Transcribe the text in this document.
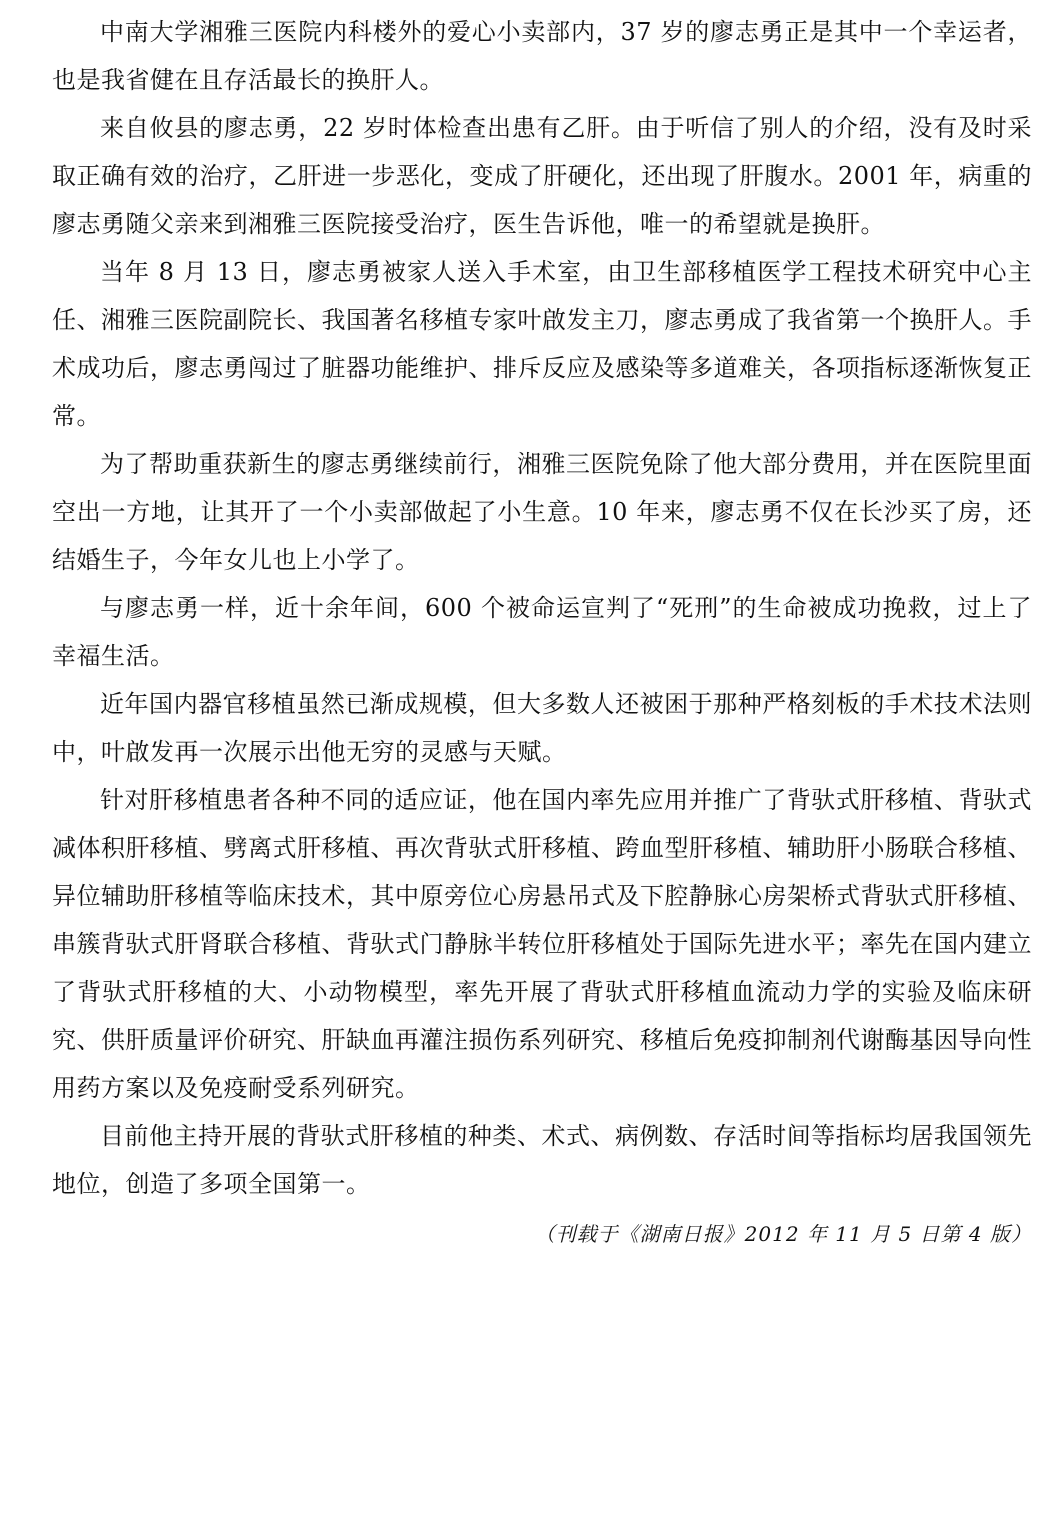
中南大学湘雅三医院内科楼外的爱心小卖部内，37 岁的廖志勇正是其中一个幸运者，也是我省健在且存活最长的换肝人。

来自攸县的廖志勇，22 岁时体检查出患有乙肝。由于听信了别人的介绍，没有及时采取正确有效的治疗，乙肝进一步恶化，变成了肝硬化，还出现了肝腹水。2001 年，病重的廖志勇随父亲来到湘雅三医院接受治疗，医生告诉他，唯一的希望就是换肝。

当年 8 月 13 日，廖志勇被家人送入手术室，由卫生部移植医学工程技术研究中心主任、湘雅三医院副院长、我国著名移植专家叶啟发主刀，廖志勇成了我省第一个换肝人。手术成功后，廖志勇闯过了脏器功能维护、排斥反应及感染等多道难关，各项指标逐渐恢复正常。

为了帮助重获新生的廖志勇继续前行，湘雅三医院免除了他大部分费用，并在医院里面空出一方地，让其开了一个小卖部做起了小生意。10 年来，廖志勇不仅在长沙买了房，还结婚生子，今年女儿也上小学了。

与廖志勇一样，近十余年间，600 个被命运宣判了“死刑”的生命被成功挽救，过上了幸福生活。

近年国内器官移植虽然已渐成规模，但大多数人还被困于那种严格刻板的手术技术法则中，叶啟发再一次展示出他无穷的灵感与天赋。

针对肝移植患者各种不同的适应证，他在国内率先应用并推广了背驮式肝移植、背驮式减体积肝移植、劈离式肝移植、再次背驮式肝移植、跨血型肝移植、辅助肝小肠联合移植、异位辅助肝移植等临床技术，其中原旁位心房悬吊式及下腔静脉心房架桥式背驮式肝移植、串簇背驮式肝肾联合移植、背驮式门静脉半转位肝移植处于国际先进水平；率先在国内建立了背驮式肝移植的大、小动物模型，率先开展了背驮式肝移植血流动力学的实验及临床研究、供肝质量评价研究、肝缺血再灌注损伤系列研究、移植后免疫抑制剂代谢酶基因导向性用药方案以及免疫耐受系列研究。

目前他主持开展的背驮式肝移植的种类、术式、病例数、存活时间等指标均居我国领先地位，创造了多项全国第一。

（刊载于《湖南日报》2012 年 11 月 5 日第 4 版）
